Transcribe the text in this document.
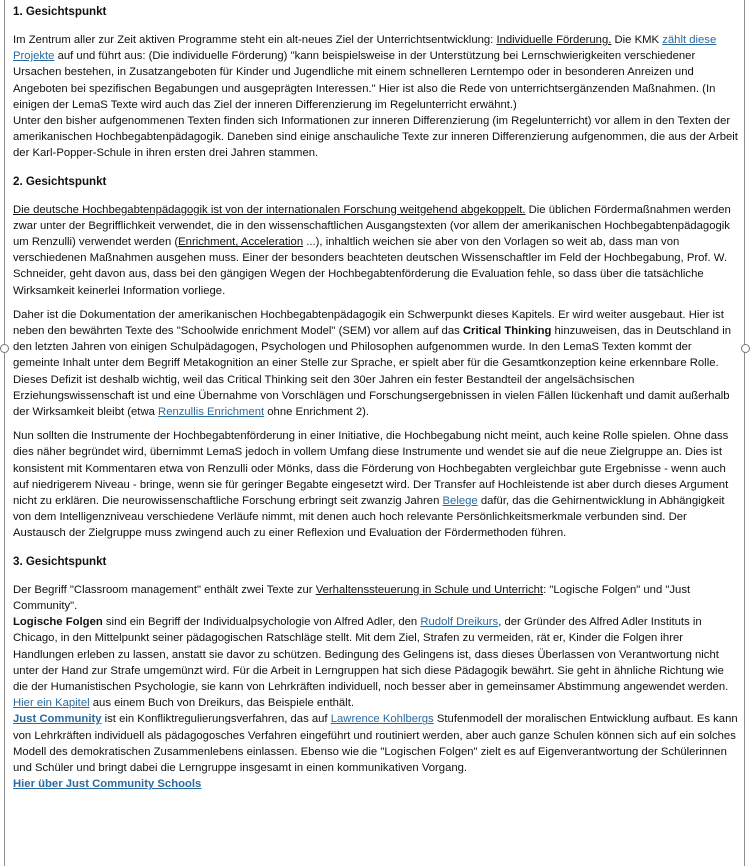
1. Gesichtspunkt

Im Zentrum aller zur Zeit aktiven Programme steht ein alt-neues Ziel der Unterrichtsentwicklung: Individuelle Förderung. Die KMK zählt diese Projekte auf und führt aus: (Die individuelle Förderung) "kann beispielsweise in der Unterstützung bei Lernschwierigkeiten verschiedener Ursachen bestehen, in Zusatzangeboten für Kinder und Jugendliche mit einem schnelleren Lerntempo oder in besonderen Anreizen und Angeboten bei spezifischen Begabungen und ausgeprägten Interessen." Hier ist also die Rede von unterrichtsergänzenden Maßnahmen. (In einigen der LemaS Texte wird auch das Ziel der inneren Differenzierung im Regelunterricht erwähnt.)

Unter den bisher aufgenommenen Texten finden sich Informationen zur inneren Differenzierung (im Regelunterricht) vor allem in den Texten der amerikanischen Hochbegabtenpädagogik. Daneben sind einige anschauliche Texte zur inneren Differenzierung aufgenommen, die aus der Arbeit der Karl-Popper-Schule in ihren ersten drei Jahren stammen.

2. Gesichtspunkt

Die deutsche Hochbegabtenpädagogik ist von der internationalen Forschung weitgehend abgekoppelt. Die üblichen Fördermaßnahmen werden zwar unter der Begrifflichkeit verwendet, die in den wissenschaftlichen Ausgangstexten (vor allem der amerikanischen Hochbegabtenpädagogik um Renzulli) verwendet werden (Enrichment, Acceleration ...), inhaltlich weichen sie aber von den Vorlagen so weit ab, dass man von verschiedenen Maßnahmen ausgehen muss. Einer der besonders beachteten deutschen Wissenschaftler im Feld der Hochbegabung, Prof. W. Schneider, geht davon aus, dass bei den gängigen Wegen der Hochbegabtenförderung die Evaluation fehle, so dass über die tatsächliche Wirksamkeit keinerlei Information vorliege.

Daher ist die Dokumentation der amerikanischen Hochbegabtenpädagogik ein Schwerpunkt dieses Kapitels. Er wird weiter ausgebaut. Hier ist neben den bewährten Texte des "Schoolwide enrichment Model" (SEM) vor allem auf das Critical Thinking hinzuweisen, das in Deutschland in den letzten Jahren von einigen Schulpädagogen, Psychologen und Philosophen aufgenommen wurde. In den LemaS Texten kommt der gemeinte Inhalt unter dem Begriff Metakognition an einer Stelle zur Sprache, er spielt aber für die Gesamtkonzeption keine erkennbare Rolle. Dieses Defizit ist deshalb wichtig, weil das Critical Thinking seit den 30er Jahren ein fester Bestandteil der angelsächsischen Erziehungswissenschaft ist und eine Übernahme von Vorschlägen und Forschungsergebnissen in vielen Fällen lückenhaft und damit außerhalb der Wirksamkeit bleibt (etwa Renzullis Enrichment ohne Enrichment 2).

Nun sollten die Instrumente der Hochbegabtenförderung in einer Initiative, die Hochbegabung nicht meint, auch keine Rolle spielen. Ohne dass dies näher begründet wird, übernimmt LemaS jedoch in vollem Umfang diese Instrumente und wendet sie auf die neue Zielgruppe an. Dies ist konsistent mit Kommentaren etwa von Renzulli oder Mönks, dass die Förderung von Hochbegabten vergleichbar gute Ergebnisse - wenn auch auf niedrigerem Niveau - bringe, wenn sie für geringer Begabte eingesetzt wird. Der Transfer auf Hochleistende ist aber durch dieses Argument nicht zu erklären. Die neurowissenschaftliche Forschung erbringt seit zwanzig Jahren Belege dafür, das die Gehirnentwicklung in Abhängigkeit von dem Intelligenzniveau verschiedene Verläufe nimmt, mit denen auch hoch relevante Persönlichkeitsmerkmale verbunden sind. Der Austausch der Zielgruppe muss zwingend auch zu einer Reflexion und Evaluation der Fördermethoden führen.

3. Gesichtspunkt

Der Begriff "Classroom management" enthält zwei Texte zur Verhaltenssteuerung in Schule und Unterricht: "Logische Folgen" und "Just Community".

Logische Folgen sind ein Begriff der Individualpsychologie von Alfred Adler, den Rudolf Dreikurs, der Gründer des Alfred Adler Instituts in Chicago, in den Mittelpunkt seiner pädagogischen Ratschläge stellt. Mit dem Ziel, Strafen zu vermeiden, rät er, Kinder die Folgen ihrer Handlungen erleben zu lassen, anstatt sie davor zu schützen. Bedingung des Gelingens ist, dass dieses Überlassen von Verantwortung nicht unter der Hand zur Strafe umgemünzt wird. Für die Arbeit in Lerngruppen hat sich diese Pädagogik bewährt. Sie geht in ähnliche Richtung wie die der Humanistischen Psychologie, sie kann von Lehrkräften individuell, noch besser aber in gemeinsamer Abstimmung angewendet werden. Hier ein Kapitel aus einem Buch von Dreikurs, das Beispiele enthält.

Just Community ist ein Konfliktregulierungsverfahren, das auf Lawrence Kohlbergs Stufenmodell der moralischen Entwicklung aufbaut. Es kann von Lehrkräften individuell als pädagogosches Verfahren eingeführt und routiniert werden, aber auch ganze Schulen können sich auf ein solches Modell des demokratischen Zusammenlebens einlassen. Ebenso wie die "Logischen Folgen" zielt es auf Eigenverantwortung der Schülerinnen und Schüler und bringt dabei die Lerngruppe insgesamt in einen kommunikativen Vorgang.

Hier über Just Community Schools
